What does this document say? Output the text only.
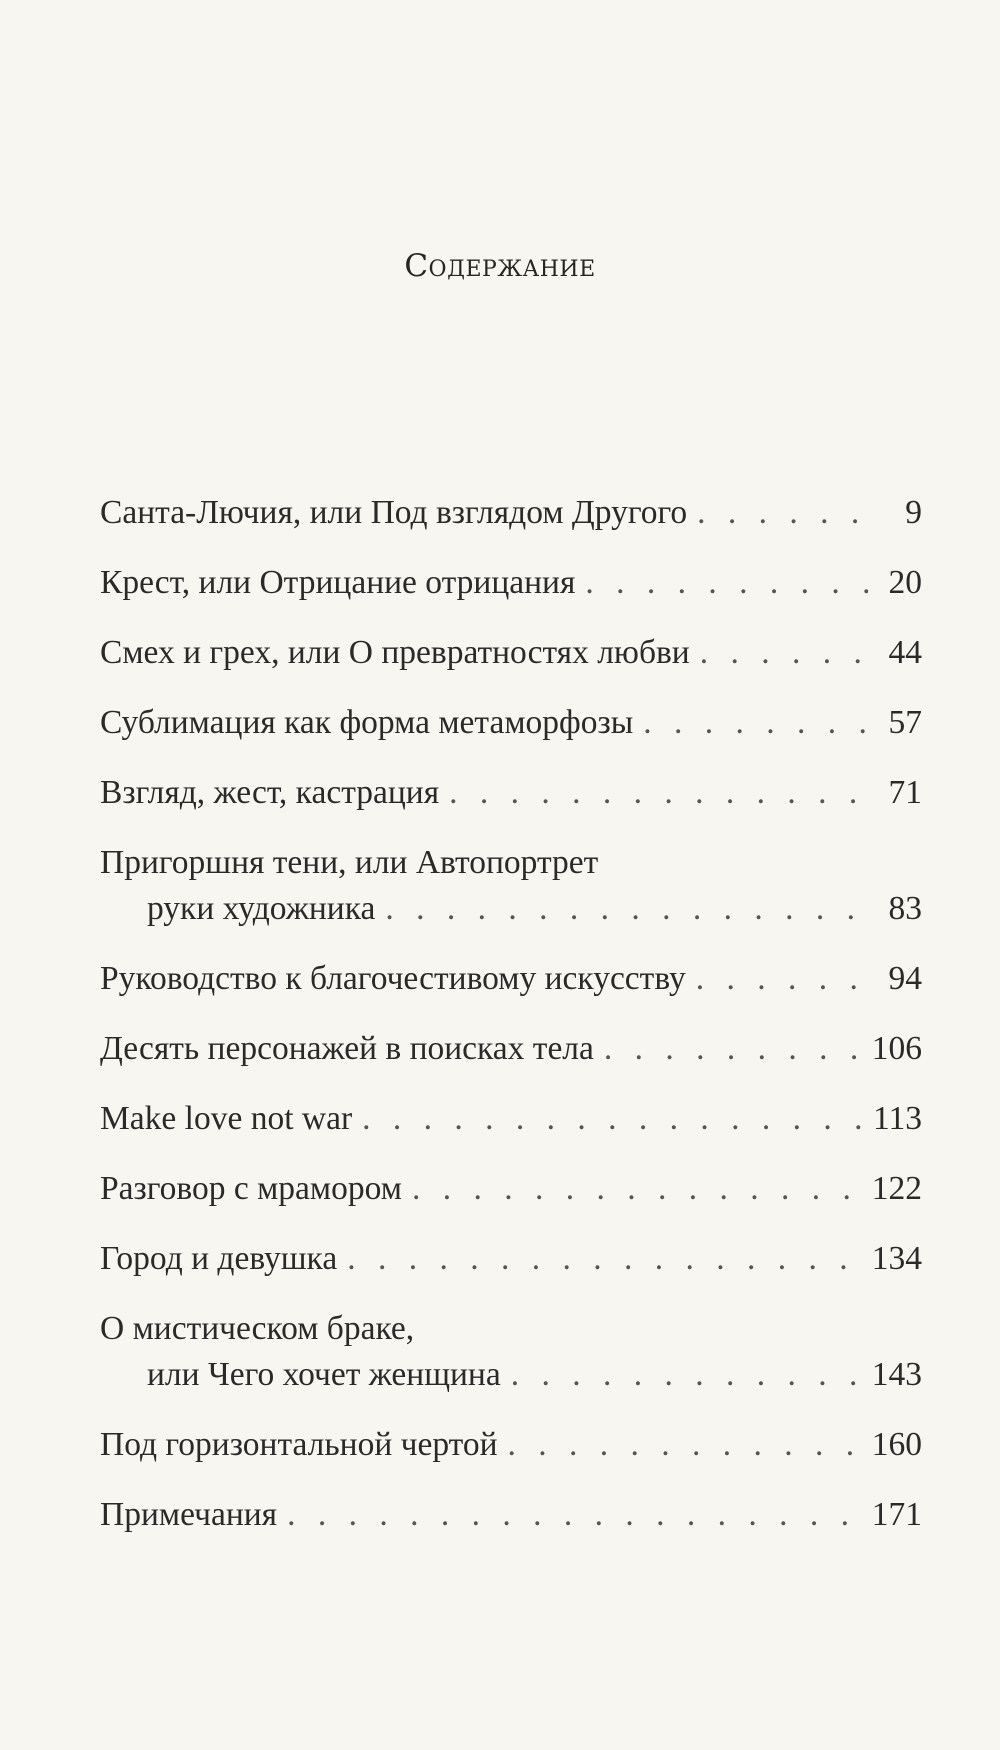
Содержание
Санта-Лючия, или Под взглядом Другого . . .	9
Крест, или Отрицание отрицания . . .	20
Смех и грех, или О превратностях любви . . .	44
Сублимация как форма метаморфозы . . .	57
Взгляд, жест, кастрация . . .	71
Пригоршня тени, или Автопортрет
руки художника . . .	83
Руководство к благочестивому искусству . . .	94
Десять персонажей в поисках тела . . .	106
Make love not war . . .	113
Разговор с мрамором . . .	122
Город и девушка . . .	134
О мистическом браке,
или Чего хочет женщина . . .	143
Под горизонтальной чертой . . .	160
Примечания . . .	171
